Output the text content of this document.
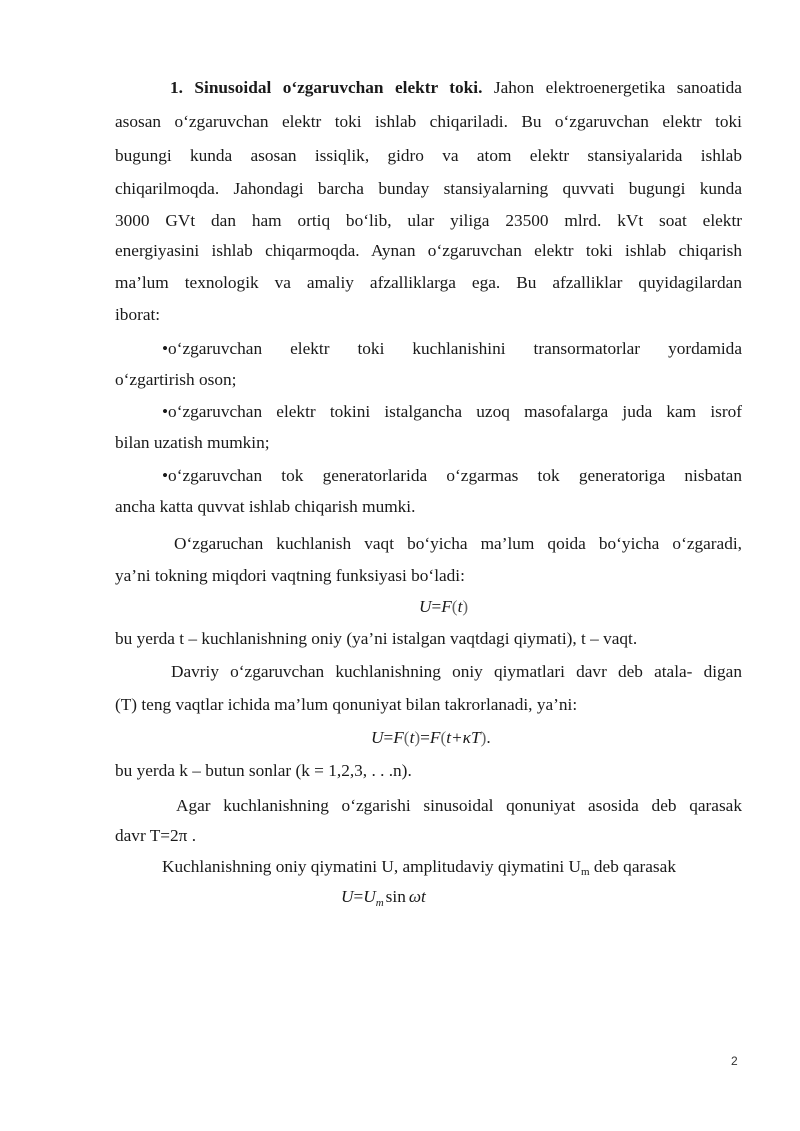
1. Sinusoidal o‘zgaruvchan elektr toki. Jahon elektroenergetika sanoatida
asosan o‘zgaruvchan elektr toki ishlab chiqariladi. Bu o‘zgaruvchan elektr toki
bugungi kunda asosan issiqlik, gidro va atom elektr stansiyalarida ishlab
chiqarilmoqda. Jahondagi barcha bunday stansiyalarning quvvati bugungi kunda
3000 GVt dan ham ortiq bo‘lib, ular yiliga 23500 mlrd. kVt soat elektr
energiyasini ishlab chiqarmoqda. Aynan o‘zgaruvchan elektr toki ishlab chiqarish
ma’lum texnologik va amaliy afzalliklarga ega. Bu afzalliklar quyidagilardan
iborat:
•o‘zgaruvchan elektr toki kuchlanishini transormatorlar yordamida
o‘zgartirish oson;
•o‘zgaruvchan elektr tokini istalgancha uzoq masofalarga juda kam isrof
bilan uzatish mumkin;
•o‘zgaruvchan tok generatorlarida o‘zgarmas tok generatoriga nisbatan
ancha katta quvvat ishlab chiqarish mumki.
O‘zgaruchan kuchlanish vaqt bo‘yicha ma’lum qoida bo‘yicha o‘zgaradi,
ya’ni tokning miqdori vaqtning funksiyasi bo‘ladi:
U=F(t)
bu yerda t – kuchlanishning oniy (ya’ni istalgan vaqtdagi qiymati), t – vaqt.
Davriy o‘zgaruvchan kuchlanishning oniy qiymatlari davr deb atala- digan
(T) teng vaqtlar ichida ma’lum qonuniyat bilan takrorlanadi, ya’ni:
U=F(t)=F(t+κT).
bu yerda k – butun sonlar (k = 1,2,3, . . .n).
Agar kuchlanishning o‘zgarishi sinusoidal qonuniyat asosida deb qarasak
davr T=2π .
Kuchlanishning oniy qiymatini U, amplitudaviy qiymatini Um deb qarasak
$U=U_m$ sin ωt
2
